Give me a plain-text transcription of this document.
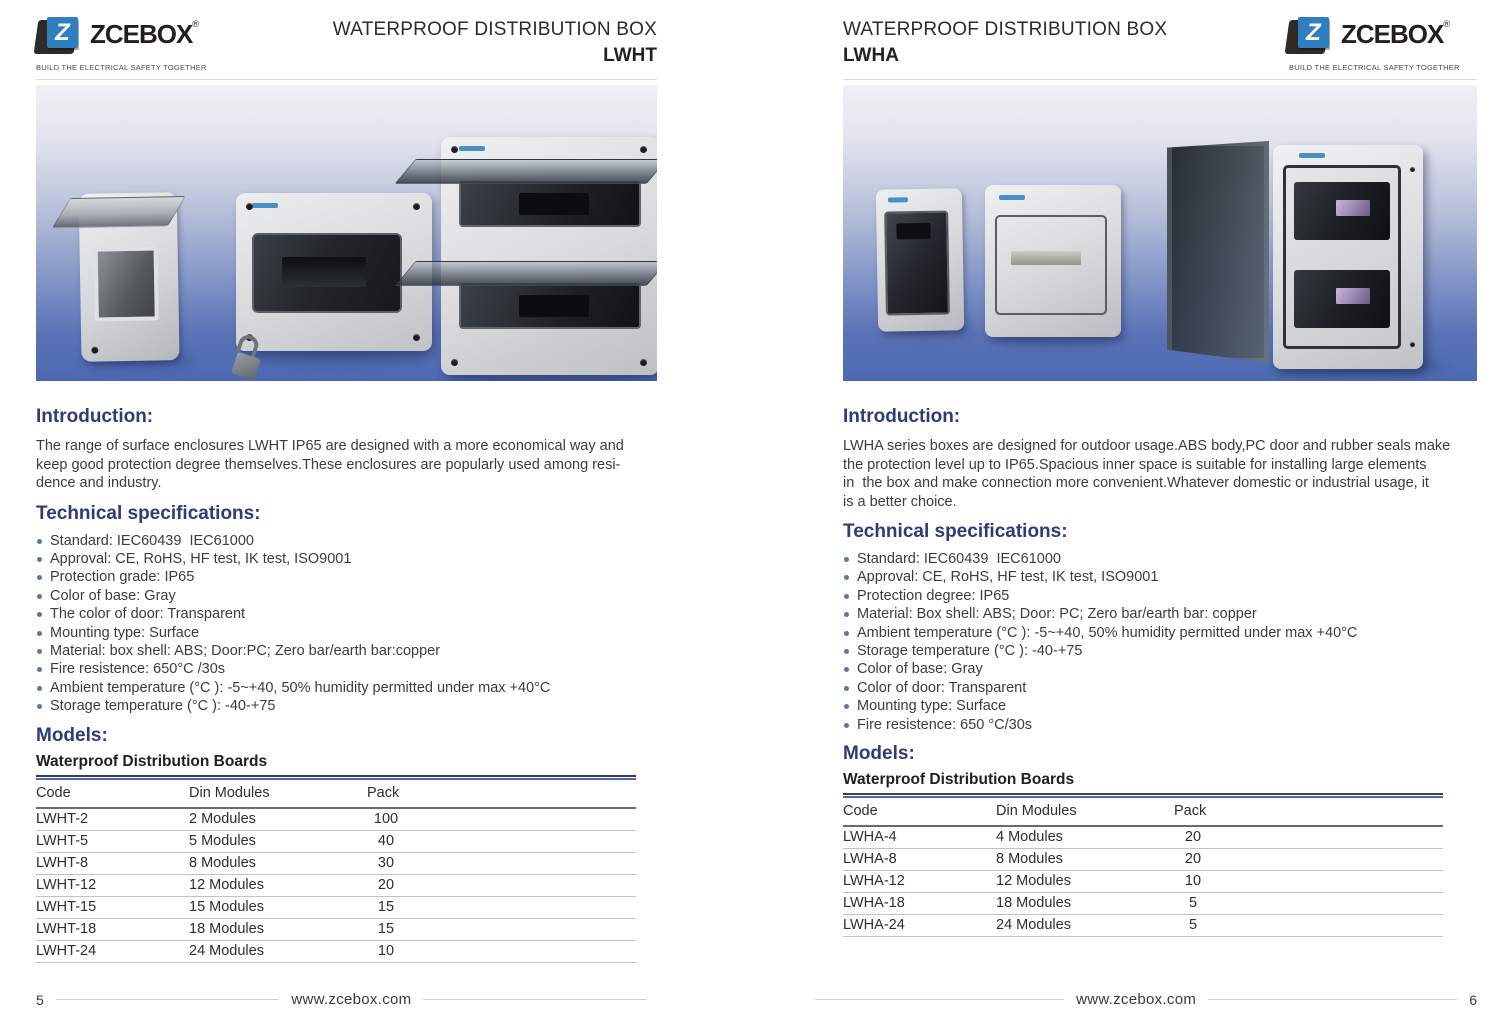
Z ZCEBOX®
BUILD THE ELECTRICAL SAFETY TOGETHER
WATERPROOF DISTRIBUTION BOX
LWHT
Introduction:
The range of surface enclosures LWHT IP65 are designed with a more economical way and
keep good protection degree themselves.These enclosures are popularly used among resi-
dence and industry.
Technical specifications:
Standard: IEC60439  IEC61000
Approval: CE, RoHS, HF test, IK test, ISO9001
Protection grade: IP65
Color of base: Gray
The color of door: Transparent
Mounting type: Surface
Material: box shell: ABS; Door:PC; Zero bar/earth bar:copper
Fire resistence: 650°C /30s
Ambient temperature (°C ): -5~+40, 50% humidity permitted under max +40°C
Storage temperature (°C ): -40-+75
Models:
Waterproof Distribution Boards
Code	Din Modules	Pack
LWHT-2	2 Modules	100
LWHT-5	5 Modules	40
LWHT-8	8 Modules	30
LWHT-12	12 Modules	20
LWHT-15	15 Modules	15
LWHT-18	18 Modules	15
LWHT-24	24 Modules	10
5	www.zcebox.com
WATERPROOF DISTRIBUTION BOX
LWHA
Z ZCEBOX®
BUILD THE ELECTRICAL SAFETY TOGETHER
Introduction:
LWHA series boxes are designed for outdoor usage.ABS body,PC door and rubber seals make
the protection level up to IP65.Spacious inner space is suitable for installing large elements
in  the box and make connection more convenient.Whatever domestic or industrial usage, it
is a better choice.
Technical specifications:
Standard: IEC60439  IEC61000
Approval: CE, RoHS, HF test, IK test, ISO9001
Protection degree: IP65
Material: Box shell: ABS; Door: PC; Zero bar/earth bar: copper
Ambient temperature (°C ): -5~+40, 50% humidity permitted under max +40°C
Storage temperature (°C ): -40-+75
Color of base: Gray
Color of door: Transparent
Mounting type: Surface
Fire resistence: 650 °C/30s
Models:
Waterproof Distribution Boards
Code	Din Modules	Pack
LWHA-4	4 Modules	20
LWHA-8	8 Modules	20
LWHA-12	12 Modules	10
LWHA-18	18 Modules	5
LWHA-24	24 Modules	5
www.zcebox.com	6
